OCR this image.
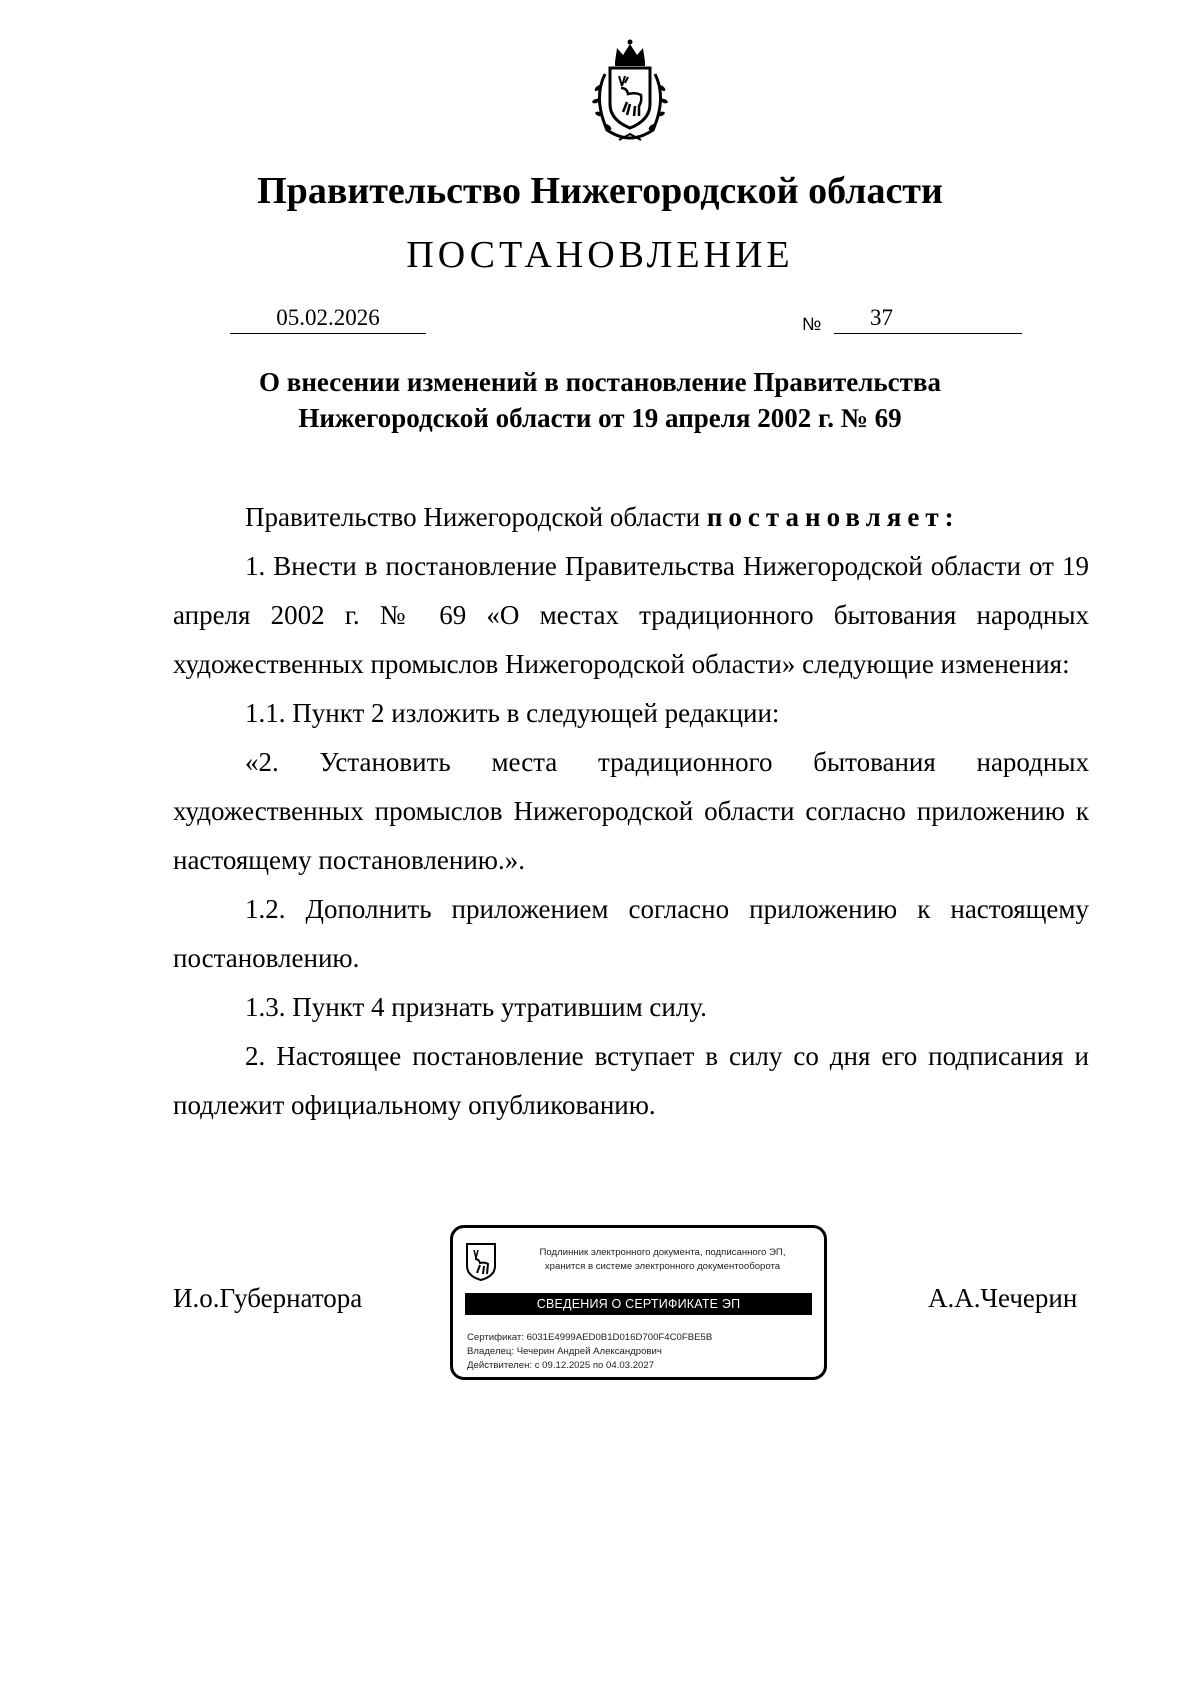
Правительство Нижегородской области
ПОСТАНОВЛЕНИЕ
05.02.2026	№ 37
О внесении изменений в постановление Правительства
Нижегородской области от 19 апреля 2002 г. № 69

Правительство Нижегородской области постановляет:

1. Внести в постановление Правительства Нижегородской области от 19 апреля 2002 г. № 69 «О местах традиционного бытования народных художественных промыслов Нижегородской области» следующие изменения:

1.1. Пункт 2 изложить в следующей редакции:

«2. Установить места традиционного бытования народных художественных промыслов Нижегородской области согласно приложению к настоящему постановлению.».

1.2. Дополнить приложением согласно приложению к настоящему постановлению.

1.3. Пункт 4 признать утратившим силу.

2. Настоящее постановление вступает в силу со дня его подписания и подлежит официальному опубликованию.

И.о.Губернатора	А.А.Чечерин
Подлинник электронного документа, подписанного ЭП,
хранится в системе электронного документооборота
СВЕДЕНИЯ О СЕРТИФИКАТЕ ЭП
Сертификат: 6031E4999AED0B1D016D700F4C0FBE5B
Владелец: Чечерин Андрей Александрович
Действителен: с 09.12.2025 по 04.03.2027
